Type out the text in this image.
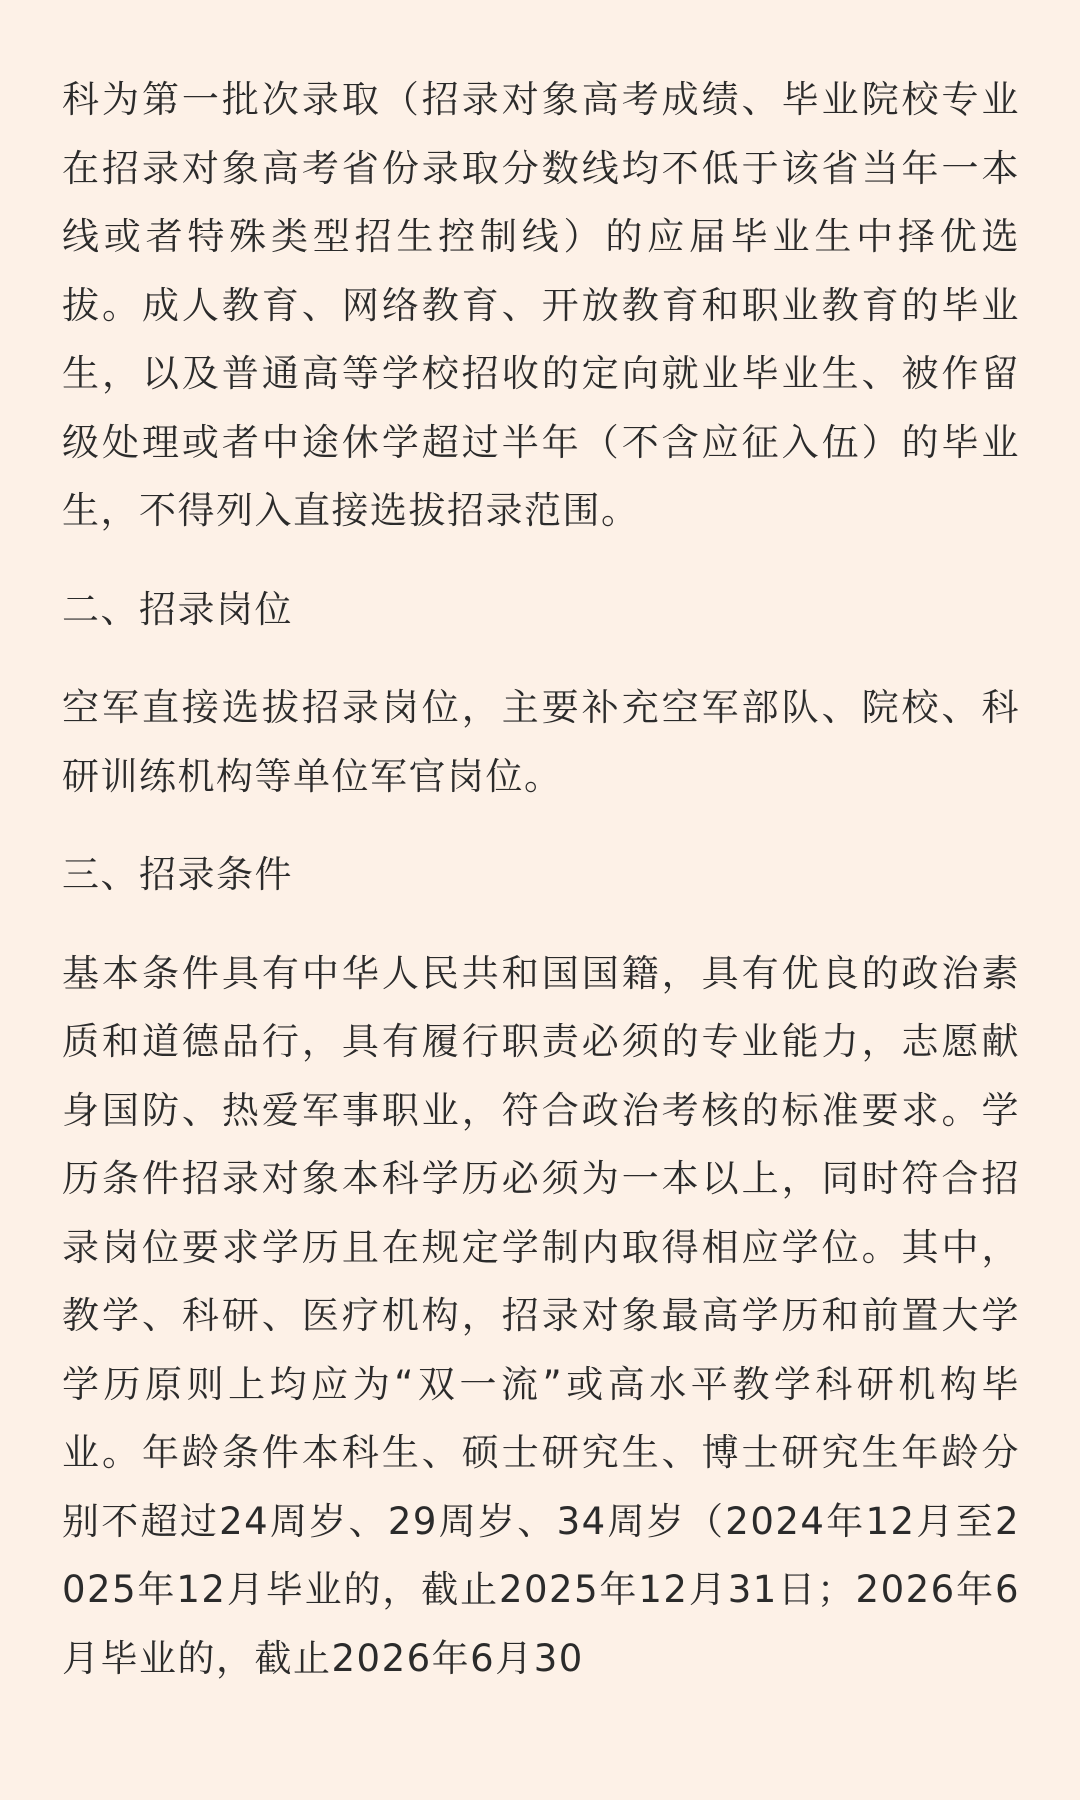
科为第一批次录取（招录对象高考成绩、毕业院校专业在招录对象高考省份录取分数线均不低于该省当年一本线或者特殊类型招生控制线）的应届毕业生中择优选拔。成人教育、网络教育、开放教育和职业教育的毕业生，以及普通高等学校招收的定向就业毕业生、被作留级处理或者中途休学超过半年（不含应征入伍）的毕业生，不得列入直接选拔招录范围。

二、招录岗位

空军直接选拔招录岗位，主要补充空军部队、院校、科研训练机构等单位军官岗位。

三、招录条件

基本条件具有中华人民共和国国籍，具有优良的政治素质和道德品行，具有履行职责必须的专业能力，志愿献身国防、热爱军事职业，符合政治考核的标准要求。学历条件招录对象本科学历必须为一本以上，同时符合招录岗位要求学历且在规定学制内取得相应学位。其中，教学、科研、医疗机构，招录对象最高学历和前置大学学历原则上均应为“双一流”或高水平教学科研机构毕业。年龄条件本科生、硕士研究生、博士研究生年龄分别不超过24周岁、29周岁、34周岁（2024年12月至2025年12月毕业的，截止2025年12月31日；2026年6月毕业的，截止2026年6月30
